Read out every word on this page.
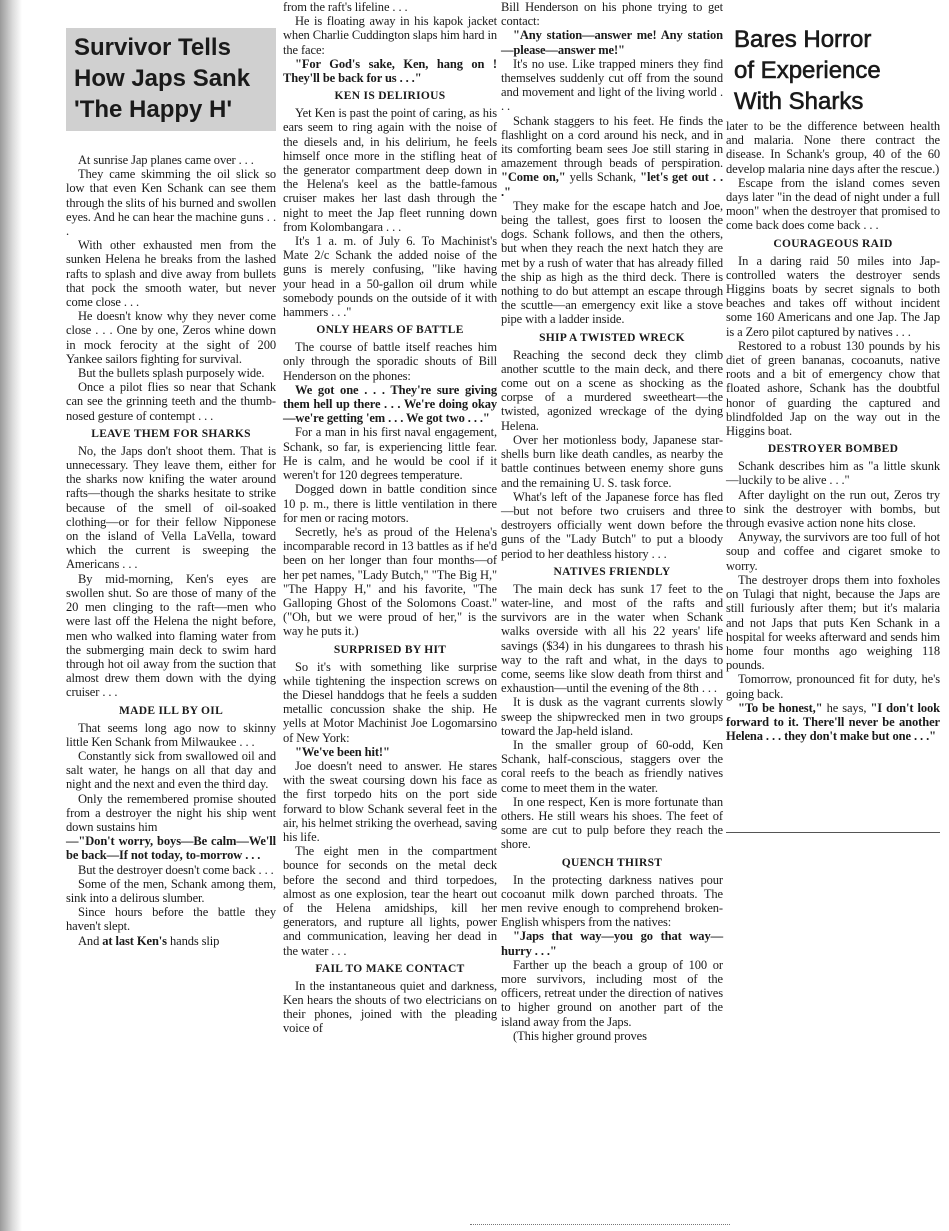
Survivor Tells
How Japs Sank
'The Happy H'

At sunrise Jap planes came over . . .

They came skimming the oil slick so low that even Ken Schank can see them through the slits of his burned and swollen eyes. And he can hear the machine guns . . .

With other exhausted men from the sunken Helena he breaks from the lashed rafts to splash and dive away from bullets that pock the smooth water, but never come close . . .

He doesn't know why they never come close . . . One by one, Zeros whine down in mock ferocity at the sight of 200 Yankee sailors fighting for survival.

But the bullets splash purposely wide.

Once a pilot flies so near that Schank can see the grinning teeth and the thumb-nosed gesture of contempt . . .

LEAVE THEM FOR SHARKS

No, the Japs don't shoot them. That is unnecessary. They leave them, either for the sharks now knifing the water around rafts—though the sharks hesitate to strike because of the smell of oil-soaked clothing—or for their fellow Nipponese on the island of Vella LaVella, toward which the current is sweeping the Americans . . .

By mid-morning, Ken's eyes are swollen shut. So are those of many of the 20 men clinging to the raft—men who were last off the Helena the night before, men who walked into flaming water from the submerging main deck to swim hard through hot oil away from the suction that almost drew them down with the dying cruiser . . .

MADE ILL BY OIL

That seems long ago now to skinny little Ken Schank from Milwaukee . . .

Constantly sick from swallowed oil and salt water, he hangs on all that day and night and the next and even the third day.

Only the remembered promise shouted from a destroyer the night his ship went down sustains him

—"Don't worry, boys—Be calm—We'll be back—If not today, to-morrow . . .

But the destroyer doesn't come back . . .

Some of the men, Schank among them, sink into a delirous slumber.

Since hours before the battle they haven't slept.

And at last Ken's hands slip

from the raft's lifeline . . .

He is floating away in his kapok jacket when Charlie Cuddington slaps him hard in the face:

"For God's sake, Ken, hang on ! They'll be back for us . . ."

KEN IS DELIRIOUS

Yet Ken is past the point of caring, as his ears seem to ring again with the noise of the diesels and, in his delirium, he feels himself once more in the stifling heat of the generator compartment deep down in the Helena's keel as the battle-famous cruiser makes her last dash through the night to meet the Jap fleet running down from Kolombangara . . .

It's 1 a. m. of July 6. To Machinist's Mate 2/c Schank the added noise of the guns is merely confusing, "like having your head in a 50-gallon oil drum while somebody pounds on the outside of it with hammers . . ."

ONLY HEARS OF BATTLE

The course of battle itself reaches him only through the sporadic shouts of Bill Henderson on the phones:

We got one . . . They're sure giving them hell up there . . . We're doing okay—we're getting 'em . . . We got two . . ."

For a man in his first naval engagement, Schank, so far, is experiencing little fear. He is calm, and he would be cool if it weren't for 120 degrees temperature.

Dogged down in battle condition since 10 p. m., there is little ventilation in there for men or racing motors.

Secretly, he's as proud of the Helena's incomparable record in 13 battles as if he'd been on her longer than four months—of her pet names, "Lady Butch," "The Big H," "The Happy H," and his favorite, "The Galloping Ghost of the Solomons Coast." ("Oh, but we were proud of her," is the way he puts it.)

SURPRISED BY HIT

So it's with something like surprise while tightening the inspection screws on the Diesel handdogs that he feels a sudden metallic concussion shake the ship. He yells at Motor Machinist Joe Logomarsino of New York:

"We've been hit!"

Joe doesn't need to answer. He stares with the sweat coursing down his face as the first torpedo hits on the port side forward to blow Schank several feet in the air, his helmet striking the overhead, saving his life.

The eight men in the compartment bounce for seconds on the metal deck before the second and third torpedoes, almost as one explosion, tear the heart out of the Helena amidships, kill her generators, and rupture all lights, power and communication, leaving her dead in the water . . .

FAIL TO MAKE CONTACT

In the instantaneous quiet and darkness, Ken hears the shouts of two electricians on their phones, joined with the pleading voice of

Bill Henderson on his phone trying to get contact:

"Any station—answer me! Any station—please—answer me!"

It's no use. Like trapped miners they find themselves suddenly cut off from the sound and movement and light of the living world . . .

Schank staggers to his feet. He finds the flashlight on a cord around his neck, and in its comforting beam sees Joe still staring in amazement through beads of perspiration. "Come on," yells Schank, "let's get out . . ."

They make for the escape hatch and Joe, being the tallest, goes first to loosen the dogs. Schank follows, and then the others, but when they reach the next hatch they are met by a rush of water that has already filled the ship as high as the third deck. There is nothing to do but attempt an escape through the scuttle—an emergency exit like a stove pipe with a ladder inside.

SHIP A TWISTED WRECK

Reaching the second deck they climb another scuttle to the main deck, and there come out on a scene as shocking as the corpse of a murdered sweetheart—the twisted, agonized wreckage of the dying Helena.

Over her motionless body, Japanese star-shells burn like death candles, as nearby the battle continues between enemy shore guns and the remaining U. S. task force.

What's left of the Japanese force has fled—but not before two cruisers and three destroyers officially went down before the guns of the "Lady Butch" to put a bloody period to her deathless history . . .

NATIVES FRIENDLY

The main deck has sunk 17 feet to the water-line, and most of the rafts and survivors are in the water when Schank walks overside with all his 22 years' life savings ($34) in his dungarees to thrash his way to the raft and what, in the days to come, seems like slow death from thirst and exhaustion—until the evening of the 8th . . .

It is dusk as the vagrant currents slowly sweep the shipwrecked men in two groups toward the Jap-held island.

In the smaller group of 60-odd, Ken Schank, half-conscious, staggers over the coral reefs to the beach as friendly natives come to meet them in the water.

In one respect, Ken is more fortunate than others. He still wears his shoes. The feet of some are cut to pulp before they reach the shore.

QUENCH THIRST

In the protecting darkness natives pour cocoanut milk down parched throats. The men revive enough to comprehend broken-English whispers from the natives:

"Japs that way—you go that way—hurry . . ."

Farther up the beach a group of 100 or more survivors, including most of the officers, retreat under the direction of natives to higher ground on another part of the island away from the Japs.

(This higher ground proves

Bares Horror
of Experience
With Sharks

later to be the difference between health and malaria. None there contract the disease. In Schank's group, 40 of the 60 develop malaria nine days after the rescue.)

Escape from the island comes seven days later "in the dead of night under a full moon" when the destroyer that promised to come back does come back . . .

COURAGEOUS RAID

In a daring raid 50 miles into Jap-controlled waters the destroyer sends Higgins boats by secret signals to both beaches and takes off without incident some 160 Americans and one Jap. The Jap is a Zero pilot captured by natives . . .

Restored to a robust 130 pounds by his diet of green bananas, cocoanuts, native roots and a bit of emergency chow that floated ashore, Schank has the doubtful honor of guarding the captured and blindfolded Jap on the way out in the Higgins boat.

DESTROYER BOMBED

Schank describes him as "a little skunk—luckily to be alive . . ."

After daylight on the run out, Zeros try to sink the destroyer with bombs, but through evasive action none hits close.

Anyway, the survivors are too full of hot soup and coffee and cigaret smoke to worry.

The destroyer drops them into foxholes on Tulagi that night, because the Japs are still furiously after them; but it's malaria and not Japs that puts Ken Schank in a hospital for weeks afterward and sends him home four months ago weighing 118 pounds.

Tomorrow, pronounced fit for duty, he's going back.

"To be honest," he says, "I don't look forward to it. There'll never be another Helena . . . they don't make but one . . ."
